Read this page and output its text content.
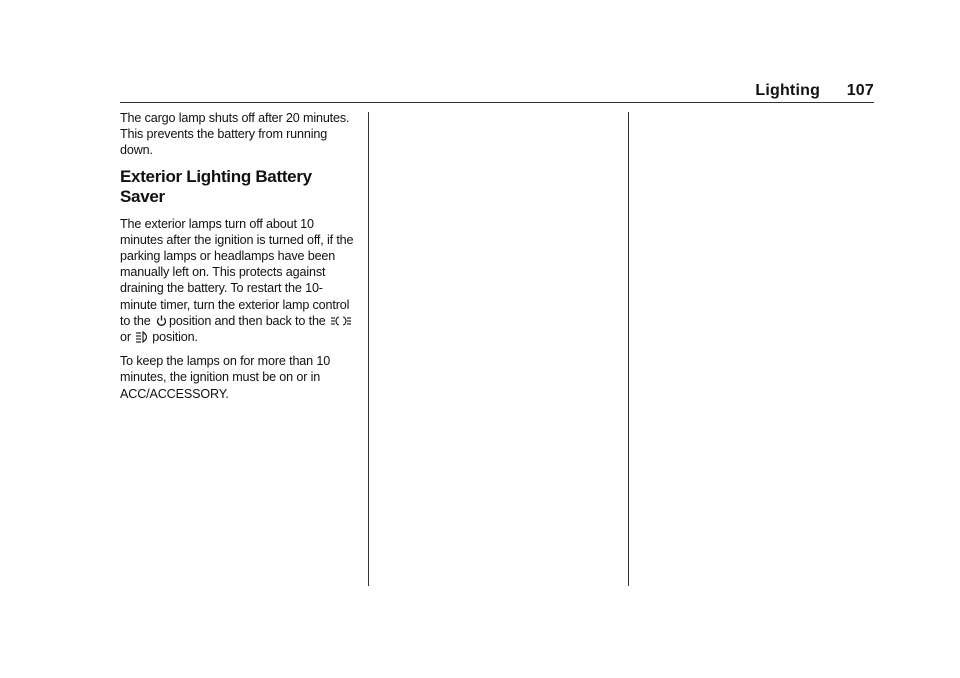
Lighting 107

The cargo lamp shuts off after 20 minutes. This prevents the battery from running down.

Exterior Lighting Battery Saver

The exterior lamps turn off about 10 minutes after the ignition is turned off, if the parking lamps or headlamps have been manually left on. This protects against draining the battery. To restart the 10-minute timer, turn the exterior lamp control to the position and then back to the or position.

To keep the lamps on for more than 10 minutes, the ignition must be on or in ACC/ACCESSORY.
